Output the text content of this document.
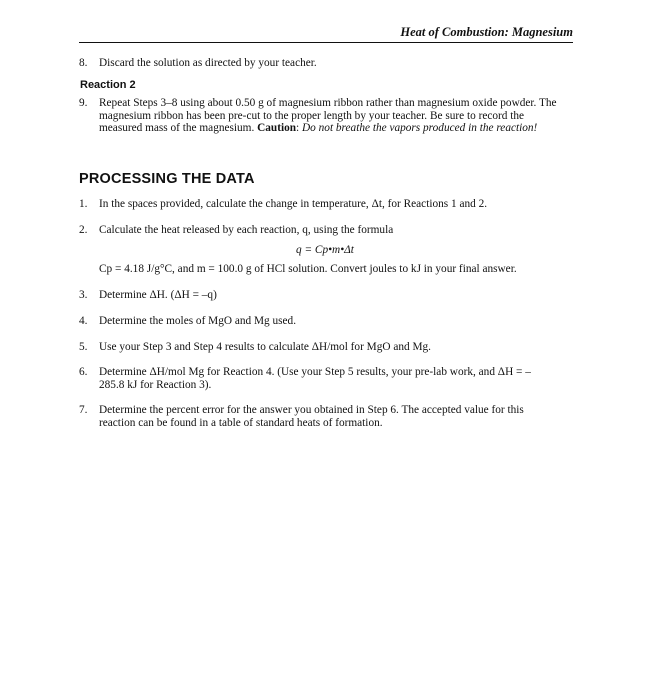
Heat of Combustion: Magnesium
8.	Discard the solution as directed by your teacher.
Reaction 2
9.	Repeat Steps 3–8 using about 0.50 g of magnesium ribbon rather than magnesium oxide powder. The magnesium ribbon has been pre-cut to the proper length by your teacher. Be sure to record the measured mass of the magnesium. Caution: Do not breathe the vapors produced in the reaction!
PROCESSING THE DATA
1.	In the spaces provided, calculate the change in temperature, Δt, for Reactions 1 and 2.
2.	Calculate the heat released by each reaction, q, using the formula
q = Cp•m•Δt
Cp = 4.18 J/g°C, and m = 100.0 g of HCl solution. Convert joules to kJ in your final answer.
3.	Determine ΔH. (ΔH = –q)
4.	Determine the moles of MgO and Mg used.
5.	Use your Step 3 and Step 4 results to calculate ΔH/mol for MgO and Mg.
6.	Determine ΔH/mol Mg for Reaction 4. (Use your Step 5 results, your pre-lab work, and ΔH = –285.8 kJ for Reaction 3).
7.	Determine the percent error for the answer you obtained in Step 6. The accepted value for this reaction can be found in a table of standard heats of formation.
